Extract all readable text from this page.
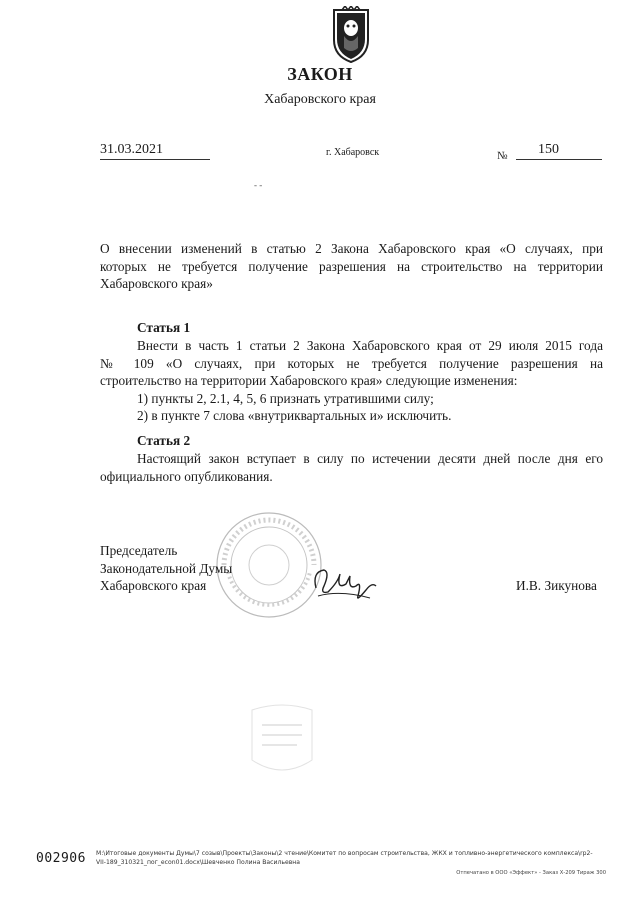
ЗАКОН
Хабаровского края
31.03.2021	г. Хабаровск	№ 150
- -
О внесении изменений в статью 2 Закона Хабаровского края «О случаях, при
которых не требуется получение разрешения на строительство на территории
Хабаровского края»
Статья 1
Внести в часть 1 статьи 2 Закона Хабаровского края от 29 июля 2015 года
№ 109 «О случаях, при которых не требуется получение разрешения на
строительство на территории Хабаровского края» следующие изменения:
1) пункты 2, 2.1, 4, 5, 6 признать утратившими силу;
2) в пункте 7 слова «внутриквартальных и» исключить.
Статья 2
Настоящий закон вступает в силу по истечении десяти дней после дня его
официального опубликования.
Председатель
Законодательной Думы
Хабаровского края	И.В. Зикунова
002906 M:\Итоговые документы Думы\7 созыв\Проекты\Законы\2 чтение\Комитет по вопросам строительства, ЖКХ и топливно-энергетического комплекса\rp2-
VII-189_310321_пог_econ01.docx\Шевченко Полина Васильевна
Отпечатано в ООО «Эффект» - Заказ Х-209 Тираж 300
